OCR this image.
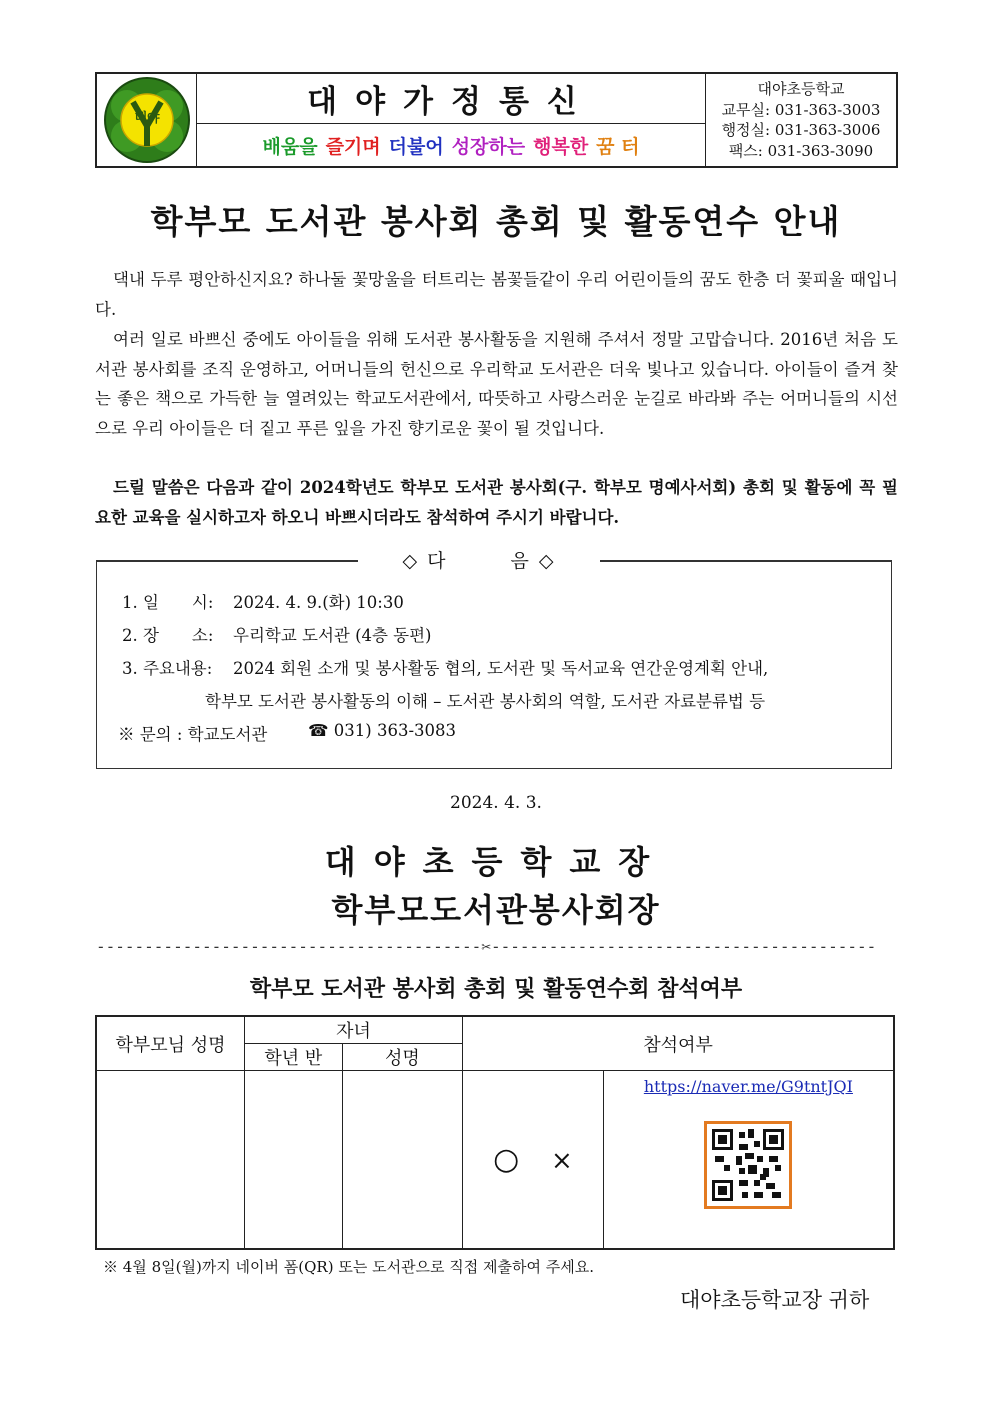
대야	대야가정통신
배움을 즐기며 더불어 성장하는 행복한 꿈 터
대야초등학교
교무실: 031-363-3003
행정실: 031-363-3006
팩스: 031-363-3090
학부모 도서관 봉사회 총회 및 활동연수 안내
댁내 두루 평안하신지요? 하나둘 꽃망울을 터트리는 봄꽃들같이 우리 어린이들의 꿈도 한층 더 꽃피울 때입니다.
여러 일로 바쁘신 중에도 아이들을 위해 도서관 봉사활동을 지원해 주셔서 정말 고맙습니다. 2016년 처음 도서관 봉사회를 조직 운영하고, 어머니들의 헌신으로 우리학교 도서관은 더욱 빛나고 있습니다. 아이들이 즐겨 찾는 좋은 책으로 가득한 늘 열려있는 학교도서관에서, 따뜻하고 사랑스러운 눈길로 바라봐 주는 어머니들의 시선으로 우리 아이들은 더 짙고 푸른 잎을 가진 향기로운 꽃이 될 것입니다.
드릴 말씀은 다음과 같이 2024학년도 학부모 도서관 봉사회(구. 학부모 명예사서회) 총회 및 활동에 꼭 필요한 교육을 실시하고자 하오니 바쁘시더라도 참석하여 주시기 바랍니다.
◇ 다　　　음 ◇
1. 일　　시: 2024. 4. 9.(화) 10:30
2. 장　　소: 우리학교 도서관 (4층 동편)
3. 주요내용: 2024 회원 소개 및 봉사활동 협의, 도서관 및 독서교육 연간운영계획 안내,
학부모 도서관 봉사활동의 이해 – 도서관 봉사회의 역할, 도서관 자료분류법 등
※ 문의 : 학교도서관 ☎ 031) 363-3083
2024. 4. 3.
대야초등학교장
학부모도서관봉사회장
----------------------------------------✂----------------------------------------
학부모 도서관 봉사회 총회 및 활동연수회 참석여부
학부모님 성명	자녀		참석여부	
	학년 반	성명		
			○ ×	https://naver.me/G9tntJQI
※ 4월 8일(월)까지 네이버 폼(QR) 또는 도서관으로 직접 제출하여 주세요.
대야초등학교장 귀하
